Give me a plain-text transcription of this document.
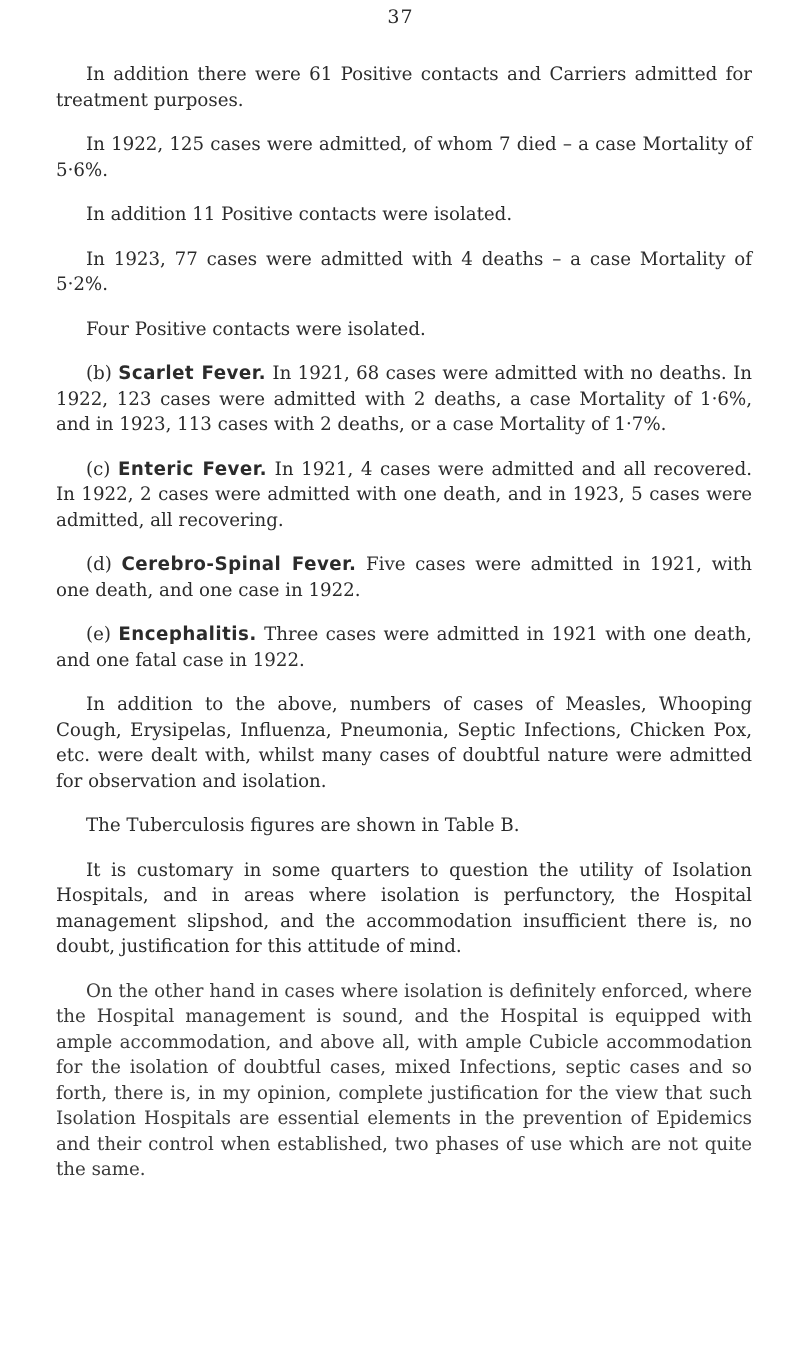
37

In addition there were 61 Positive contacts and Carriers admitted for treatment purposes.

In 1922, 125 cases were admitted, of whom 7 died – a case Mortality of 5·6%.

In addition 11 Positive contacts were isolated.

In 1923, 77 cases were admitted with 4 deaths – a case Mortality of 5·2%.

Four Positive contacts were isolated.

(b) Scarlet Fever. In 1921, 68 cases were admitted with no deaths. In 1922, 123 cases were admitted with 2 deaths, a case Mortality of 1·6%, and in 1923, 113 cases with 2 deaths, or a case Mortality of 1·7%.

(c) Enteric Fever. In 1921, 4 cases were admitted and all recovered. In 1922, 2 cases were admitted with one death, and in 1923, 5 cases were admitted, all recovering.

(d) Cerebro-Spinal Fever. Five cases were admitted in 1921, with one death, and one case in 1922.

(e) Encephalitis. Three cases were admitted in 1921 with one death, and one fatal case in 1922.

In addition to the above, numbers of cases of Measles, Whooping Cough, Erysipelas, Influenza, Pneumonia, Septic Infections, Chicken Pox, etc. were dealt with, whilst many cases of doubtful nature were admitted for observation and isolation.

The Tuberculosis figures are shown in Table B.

It is customary in some quarters to question the utility of Isolation Hospitals, and in areas where isolation is perfunctory, the Hospital management slipshod, and the accommodation insufficient there is, no doubt, justification for this attitude of mind.

On the other hand in cases where isolation is definitely enforced, where the Hospital management is sound, and the Hospital is equipped with ample accommodation, and above all, with ample Cubicle accommodation for the isolation of doubtful cases, mixed Infections, septic cases and so forth, there is, in my opinion, complete justification for the view that such Isolation Hospitals are essential elements in the prevention of Epidemics and their control when established, two phases of use which are not quite the same.
